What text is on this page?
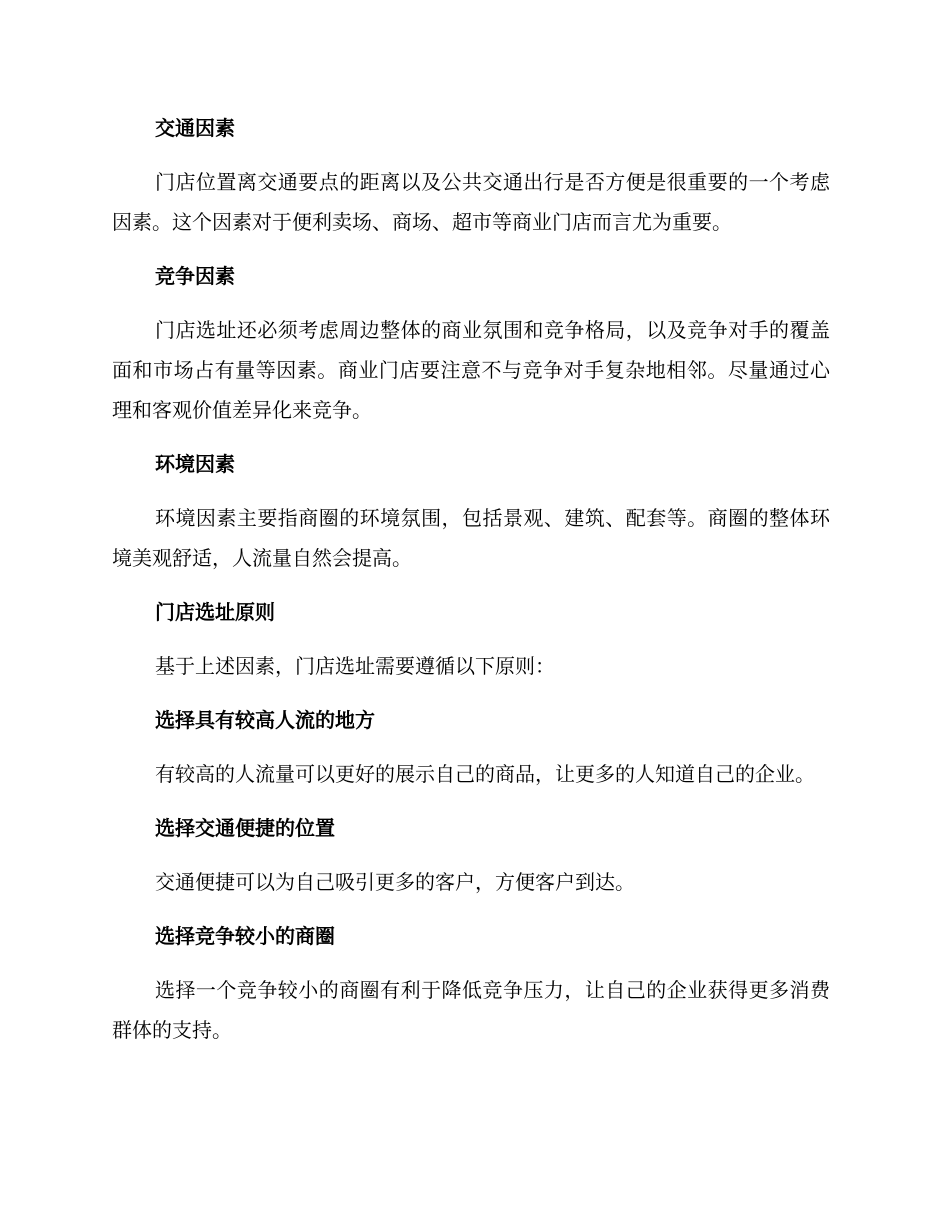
交通因素

门店位置离交通要点的距离以及公共交通出行是否方便是很重要的一个考虑因素。这个因素对于便利卖场、商场、超市等商业门店而言尤为重要。

竞争因素

门店选址还必须考虑周边整体的商业氛围和竞争格局，以及竞争对手的覆盖面和市场占有量等因素。商业门店要注意不与竞争对手复杂地相邻。尽量通过心理和客观价值差异化来竞争。

环境因素

环境因素主要指商圈的环境氛围，包括景观、建筑、配套等。商圈的整体环境美观舒适，人流量自然会提高。

门店选址原则

基于上述因素，门店选址需要遵循以下原则：

选择具有较高人流的地方

有较高的人流量可以更好的展示自己的商品，让更多的人知道自己的企业。

选择交通便捷的位置

交通便捷可以为自己吸引更多的客户，方便客户到达。

选择竞争较小的商圈

选择一个竞争较小的商圈有利于降低竞争压力，让自己的企业获得更多消费群体的支持。
